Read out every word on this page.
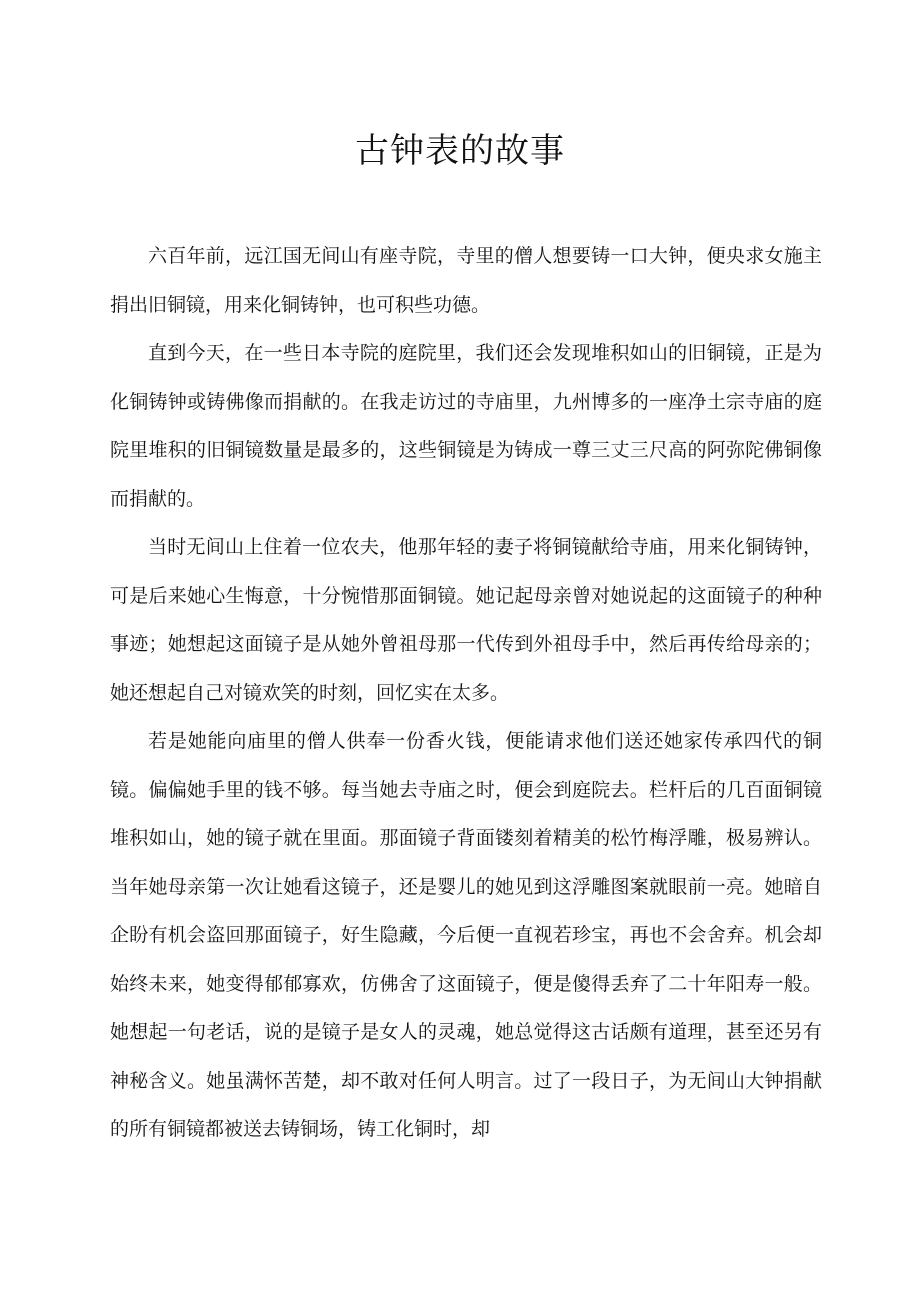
古钟表的故事

六百年前，远江国无间山有座寺院，寺里的僧人想要铸一口大钟，便央求女施主捐出旧铜镜，用来化铜铸钟，也可积些功德。

直到今天，在一些日本寺院的庭院里，我们还会发现堆积如山的旧铜镜，正是为化铜铸钟或铸佛像而捐献的。在我走访过的寺庙里，九州博多的一座净土宗寺庙的庭院里堆积的旧铜镜数量是最多的，这些铜镜是为铸成一尊三丈三尺高的阿弥陀佛铜像而捐献的。

当时无间山上住着一位农夫，他那年轻的妻子将铜镜献给寺庙，用来化铜铸钟，可是后来她心生悔意，十分惋惜那面铜镜。她记起母亲曾对她说起的这面镜子的种种事迹；她想起这面镜子是从她外曾祖母那一代传到外祖母手中，然后再传给母亲的；她还想起自己对镜欢笑的时刻，回忆实在太多。

若是她能向庙里的僧人供奉一份香火钱，便能请求他们送还她家传承四代的铜镜。偏偏她手里的钱不够。每当她去寺庙之时，便会到庭院去。栏杆后的几百面铜镜堆积如山，她的镜子就在里面。那面镜子背面镂刻着精美的松竹梅浮雕，极易辨认。当年她母亲第一次让她看这镜子，还是婴儿的她见到这浮雕图案就眼前一亮。她暗自企盼有机会盗回那面镜子，好生隐藏，今后便一直视若珍宝，再也不会舍弃。机会却始终未来，她变得郁郁寡欢，仿佛舍了这面镜子，便是傻得丢弃了二十年阳寿一般。她想起一句老话，说的是镜子是女人的灵魂，她总觉得这古话颇有道理，甚至还另有神秘含义。她虽满怀苦楚，却不敢对任何人明言。过了一段日子，为无间山大钟捐献的所有铜镜都被送去铸铜场，铸工化铜时，却
